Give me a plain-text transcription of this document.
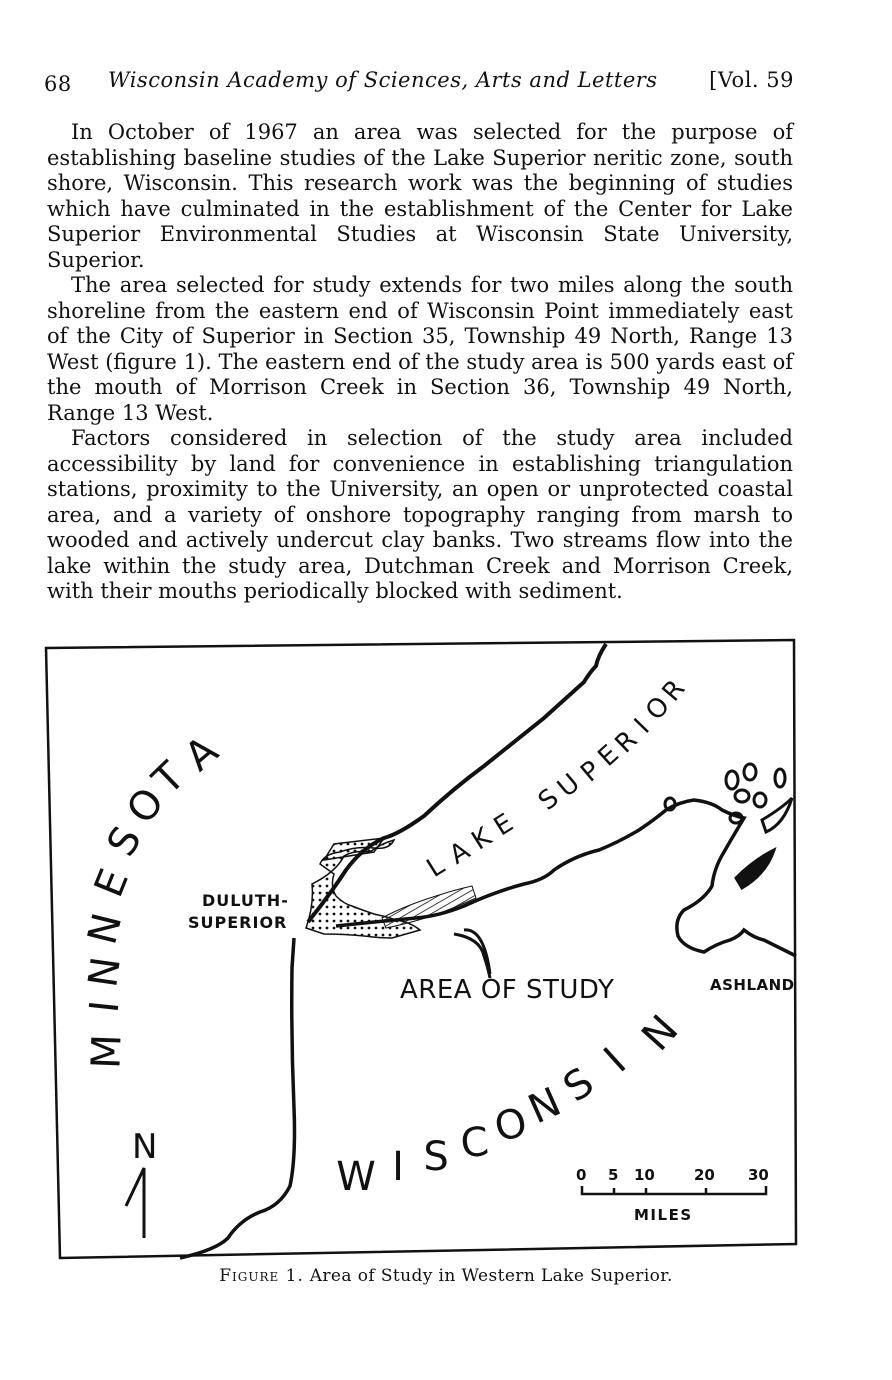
68 Wisconsin Academy of Sciences, Arts and Letters [Vol. 59

In October of 1967 an area was selected for the purpose of establishing baseline studies of the Lake Superior neritic zone, south shore, Wisconsin. This research work was the beginning of studies which have culminated in the establishment of the Center for Lake Superior Environmental Studies at Wisconsin State University, Superior.

The area selected for study extends for two miles along the south shoreline from the eastern end of Wisconsin Point immediately east of the City of Superior in Section 35, Township 49 North, Range 13 West (figure 1). The eastern end of the study area is 500 yards east of the mouth of Morrison Creek in Section 36, Township 49 North, Range 13 West.

Factors considered in selection of the study area included accessibility by land for convenience in establishing triangulation stations, proximity to the University, an open or unprotected coastal area, and a variety of onshore topography ranging from marsh to wooded and actively undercut clay banks. Two streams flow into the lake within the study area, Dutchman Creek and Morrison Creek, with their mouths periodically blocked with sediment.

L
A
K
E
S
U
P
E
R
I
O
R
M
I
N
N
E
S
O
T
A
W I S C O
N
S
I
N
DULUTH-
SUPERIOR
ASHLAND
AREA OF STUDY
N
0 5 10	20 30
MILES
Figure 1. Area of Study in Western Lake Superior.
